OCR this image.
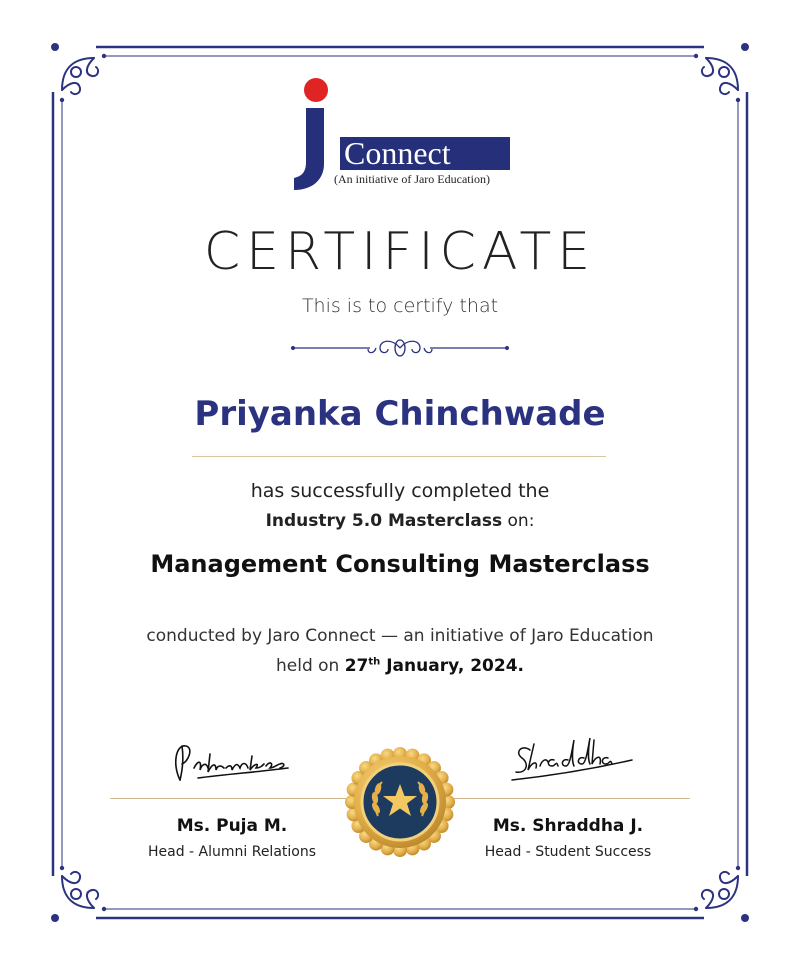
Connect
(An initiative of Jaro Education)
CERTIFICATE
This is to certify that
Priyanka Chinchwade
has successfully completed the
Industry 5.0 Masterclass on:
Management Consulting Masterclass
conducted by Jaro Connect — an initiative of Jaro Education
held on 27th January, 2024.
Ms. Puja M.
Head - Alumni Relations
Ms. Shraddha J.
Head - Student Success
